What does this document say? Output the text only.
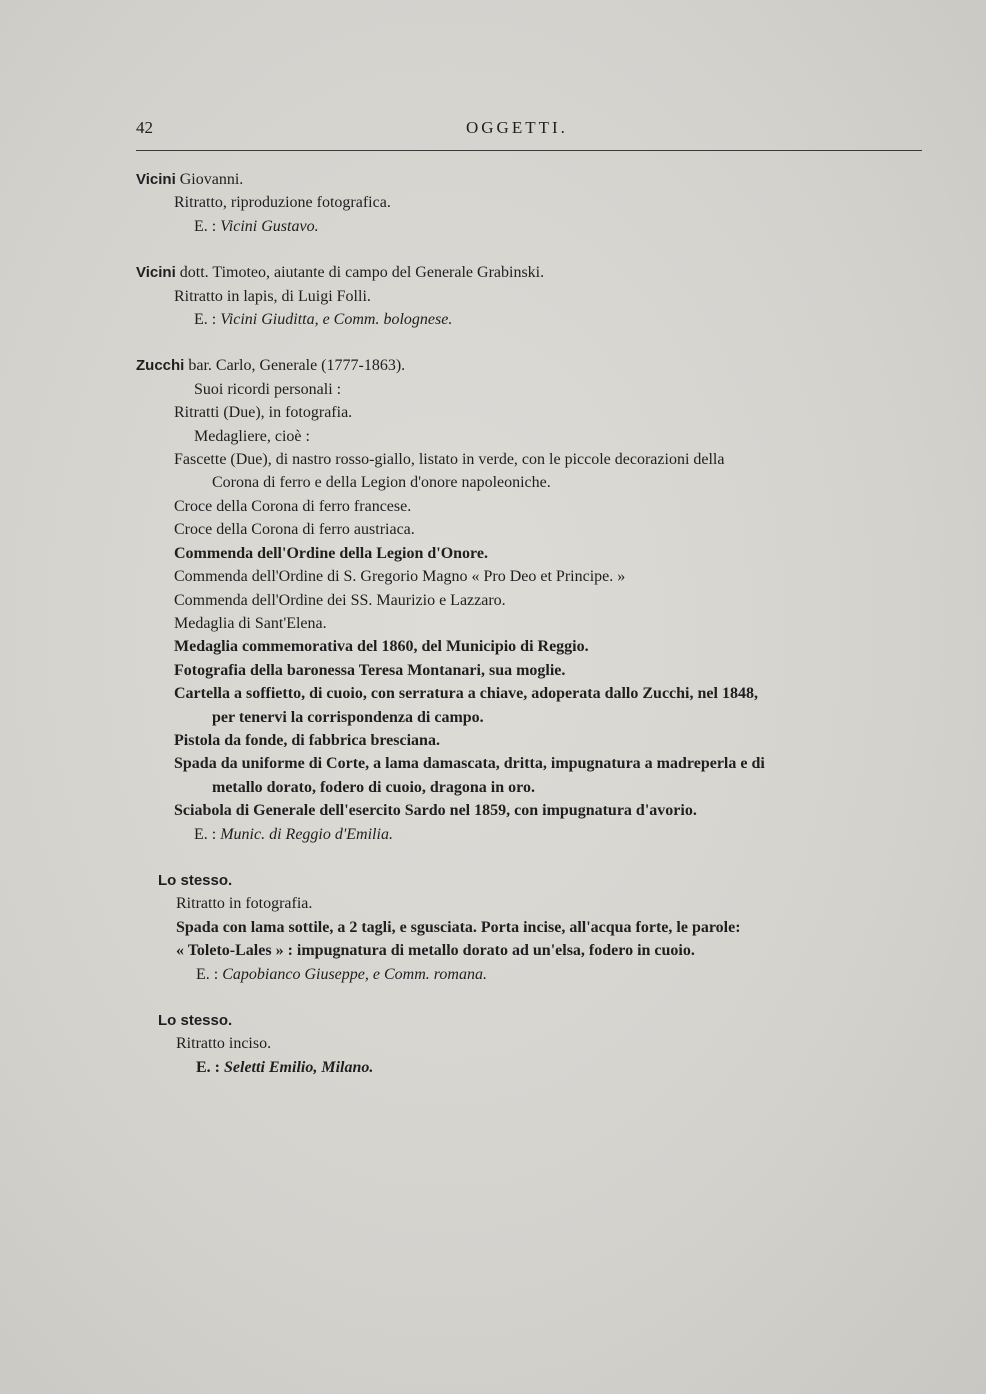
42	OGGETTI.
Vicini Giovanni.
Ritratto, riproduzione fotografica.
E. : Vicini Gustavo.
Vicini dott. Timoteo, aiutante di campo del Generale Grabinski.
Ritratto in lapis, di Luigi Folli.
E. : Vicini Giuditta, e Comm. bolognese.
Zucchi bar. Carlo, Generale (1777-1863).
Suoi ricordi personali :
Ritratti (Due), in fotografia.
Medagliere, cioè :
Fascette (Due), di nastro rosso-giallo, listato in verde, con le piccole decorazioni della
Corona di ferro e della Legion d'onore napoleoniche.
Croce della Corona di ferro francese.
Croce della Corona di ferro austriaca.
Commenda dell'Ordine della Legion d'Onore.
Commenda dell'Ordine di S. Gregorio Magno « Pro Deo et Principe. »
Commenda dell'Ordine dei SS. Maurizio e Lazzaro.
Medaglia di Sant'Elena.
Medaglia commemorativa del 1860, del Municipio di Reggio.
Fotografia della baronessa Teresa Montanari, sua moglie.
Cartella a soffietto, di cuoio, con serratura a chiave, adoperata dallo Zucchi, nel 1848,
per tenervi la corrispondenza di campo.
Pistola da fonde, di fabbrica bresciana.
Spada da uniforme di Corte, a lama damascata, dritta, impugnatura a madreperla e di
metallo dorato, fodero di cuoio, dragona in oro.
Sciabola di Generale dell'esercito Sardo nel 1859, con impugnatura d'avorio.
E. : Munic. di Reggio d'Emilia.
Lo stesso.
Ritratto in fotografia.
Spada con lama sottile, a 2 tagli, e sgusciata. Porta incise, all'acqua forte, le parole:
« Toleto-Lales » : impugnatura di metallo dorato ad un'elsa, fodero in cuoio.
E. : Capobianco Giuseppe, e Comm. romana.
Lo stesso.
Ritratto inciso.
E. : Seletti Emilio, Milano.
